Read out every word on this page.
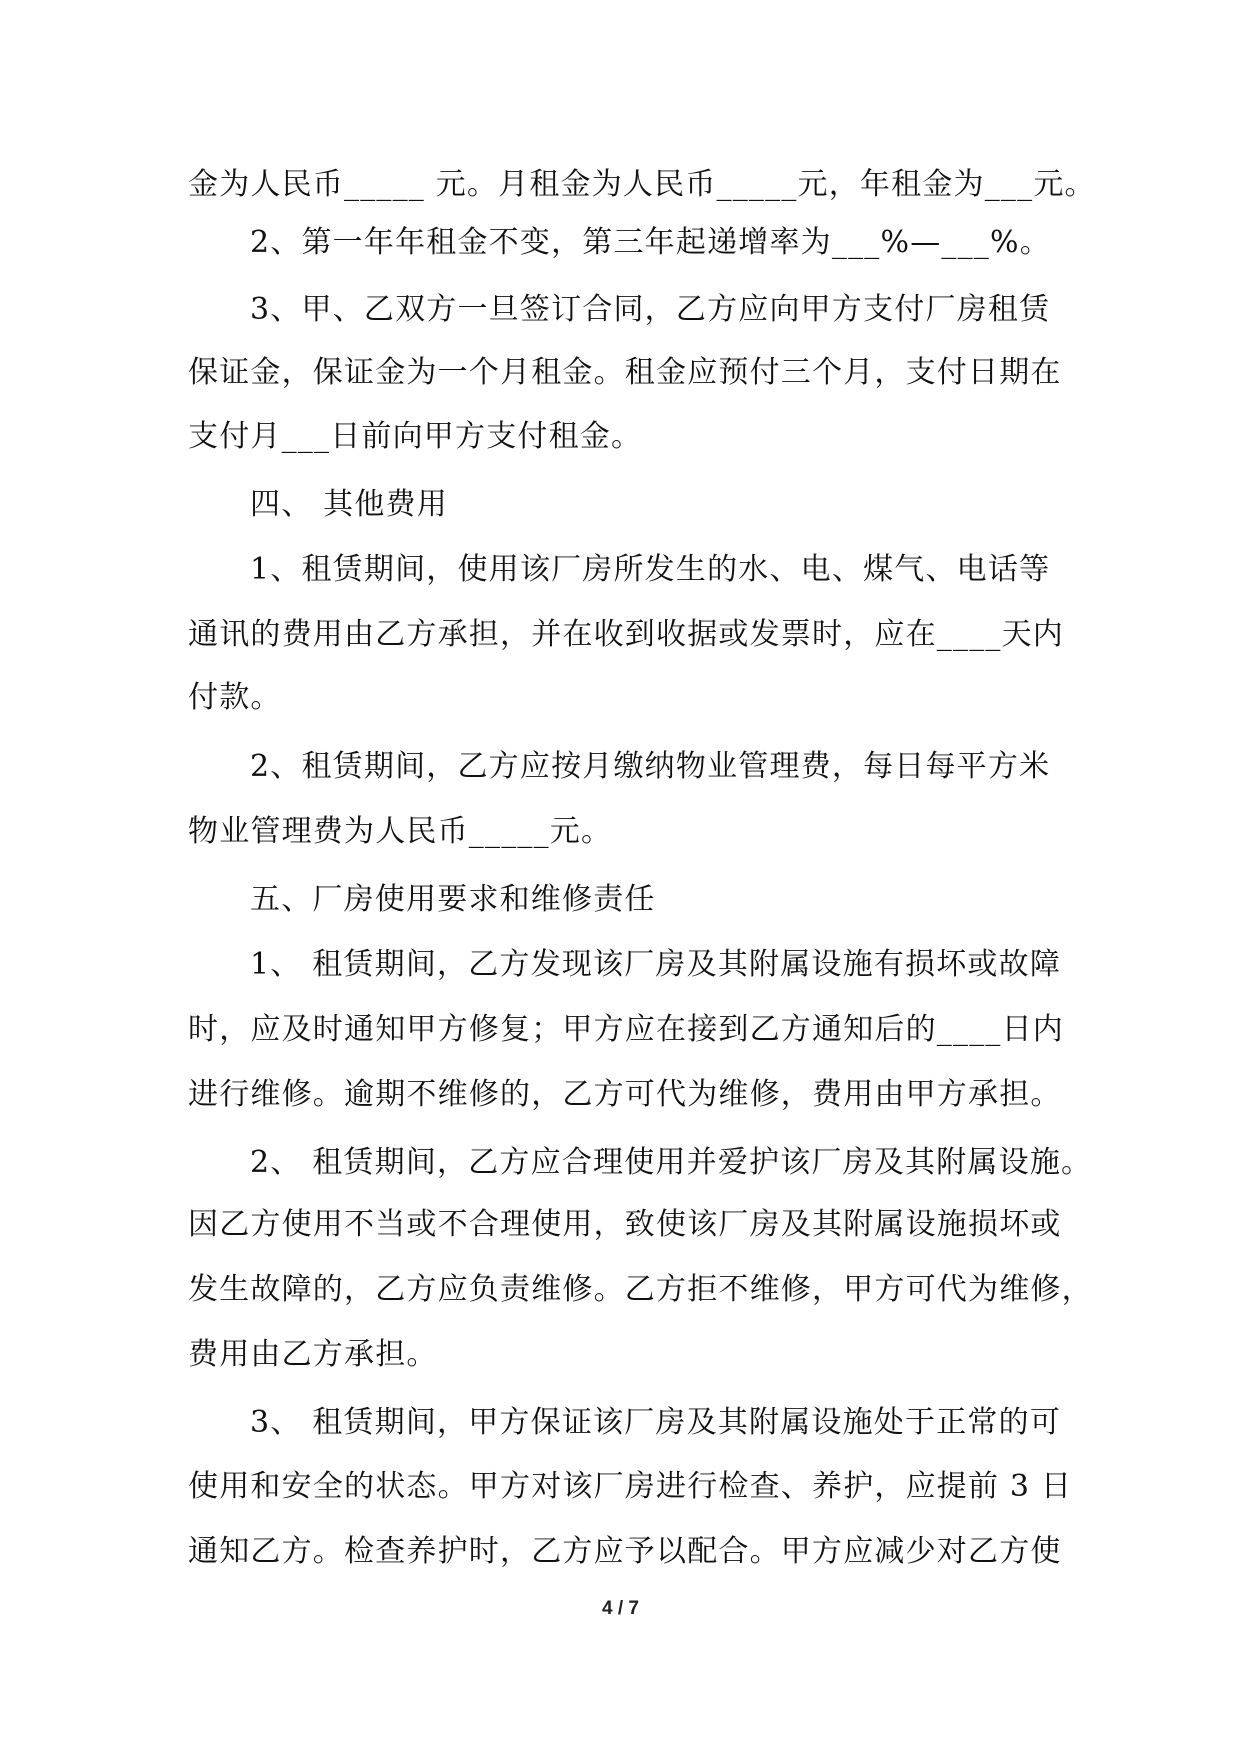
金为人民币_____ 元。月租金为人民币_____元，年租金为___元。
2、第一年年租金不变，第三年起递增率为___%—___%。
3、甲、乙双方一旦签订合同，乙方应向甲方支付厂房租赁
保证金，保证金为一个月租金。租金应预付三个月，支付日期在
支付月___日前向甲方支付租金。
四、 其他费用
1、租赁期间，使用该厂房所发生的水、电、煤气、电话等
通讯的费用由乙方承担，并在收到收据或发票时，应在____天内
付款。
2、租赁期间，乙方应按月缴纳物业管理费，每日每平方米
物业管理费为人民币_____元。
五、厂房使用要求和维修责任
1、 租赁期间，乙方发现该厂房及其附属设施有损坏或故障
时，应及时通知甲方修复；甲方应在接到乙方通知后的____日内
进行维修。逾期不维修的，乙方可代为维修，费用由甲方承担。
2、 租赁期间，乙方应合理使用并爱护该厂房及其附属设施。
因乙方使用不当或不合理使用，致使该厂房及其附属设施损坏或
发生故障的，乙方应负责维修。乙方拒不维修，甲方可代为维修，
费用由乙方承担。
3、 租赁期间，甲方保证该厂房及其附属设施处于正常的可
使用和安全的状态。甲方对该厂房进行检查、养护，应提前 3 日
通知乙方。检查养护时，乙方应予以配合。甲方应减少对乙方使
4 / 7
